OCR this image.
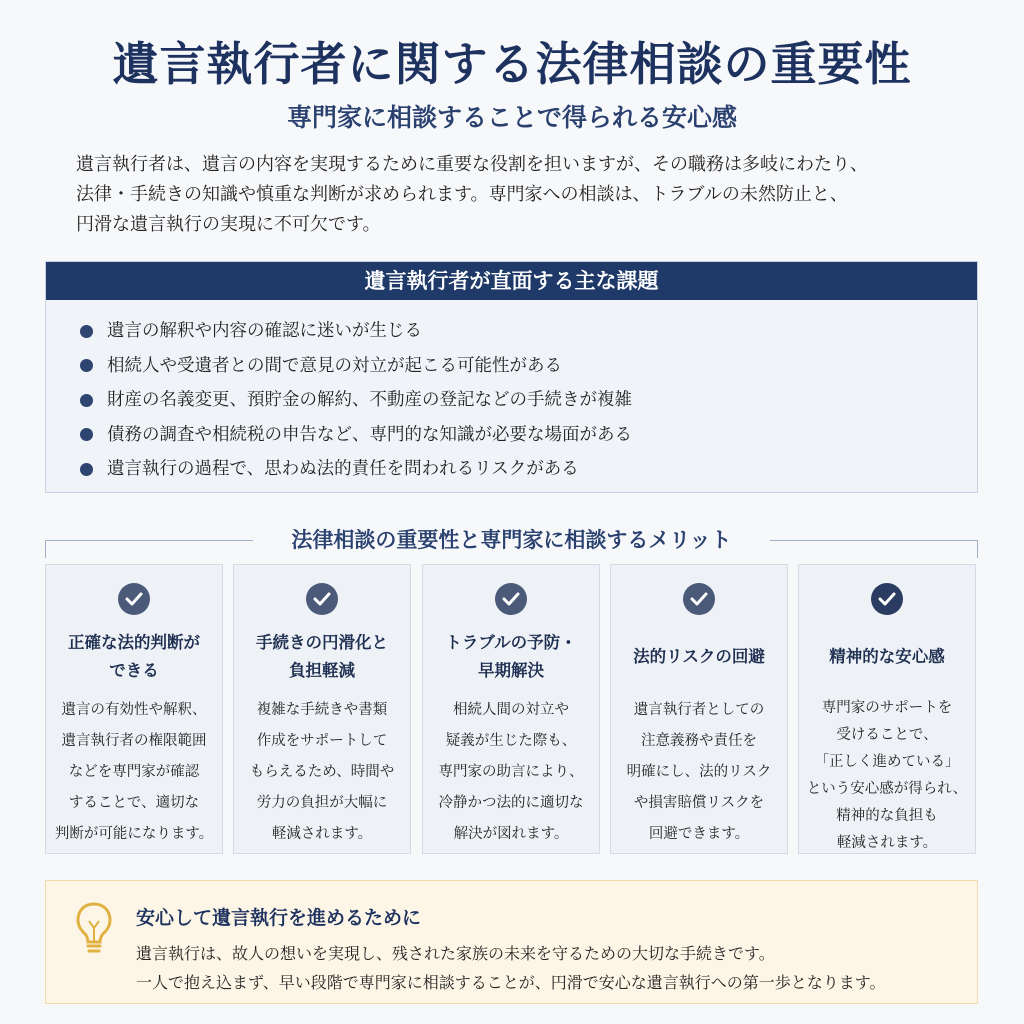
遺言執行者に関する法律相談の重要性
専門家に相談することで得られる安心感
遺言執行者は、遺言の内容を実現するために重要な役割を担いますが、その職務は多岐にわたり、
法律・手続きの知識や慎重な判断が求められます。専門家への相談は、トラブルの未然防止と、
円滑な遺言執行の実現に不可欠です。
遺言執行者が直面する主な課題
遺言の解釈や内容の確認に迷いが生じる
相続人や受遺者との間で意見の対立が起こる可能性がある
財産の名義変更、預貯金の解約、不動産の登記などの手続きが複雑
債務の調査や相続税の申告など、専門的な知識が必要な場面がある
遺言執行の過程で、思わぬ法的責任を問われるリスクがある
法律相談の重要性と専門家に相談するメリット
正確な法的判断が
できる
遺言の有効性や解釈、
遺言執行者の権限範囲
などを専門家が確認
することで、適切な
判断が可能になります。
手続きの円滑化と
負担軽減
複雑な手続きや書類
作成をサポートして
もらえるため、時間や
労力の負担が大幅に
軽減されます。
トラブルの予防・
早期解決
相続人間の対立や
疑義が生じた際も、
専門家の助言により、
冷静かつ法的に適切な
解決が図れます。
法的リスクの回避
遺言執行者としての
注意義務や責任を
明確にし、法的リスク
や損害賠償リスクを
回避できます。
精神的な安心感
専門家のサポートを
受けることで、
「正しく進めている」
という安心感が得られ、
精神的な負担も
軽減されます。
安心して遺言執行を進めるために
遺言執行は、故人の想いを実現し、残された家族の未来を守るための大切な手続きです。
一人で抱え込まず、早い段階で専門家に相談することが、円滑で安心な遺言執行への第一歩となります。
